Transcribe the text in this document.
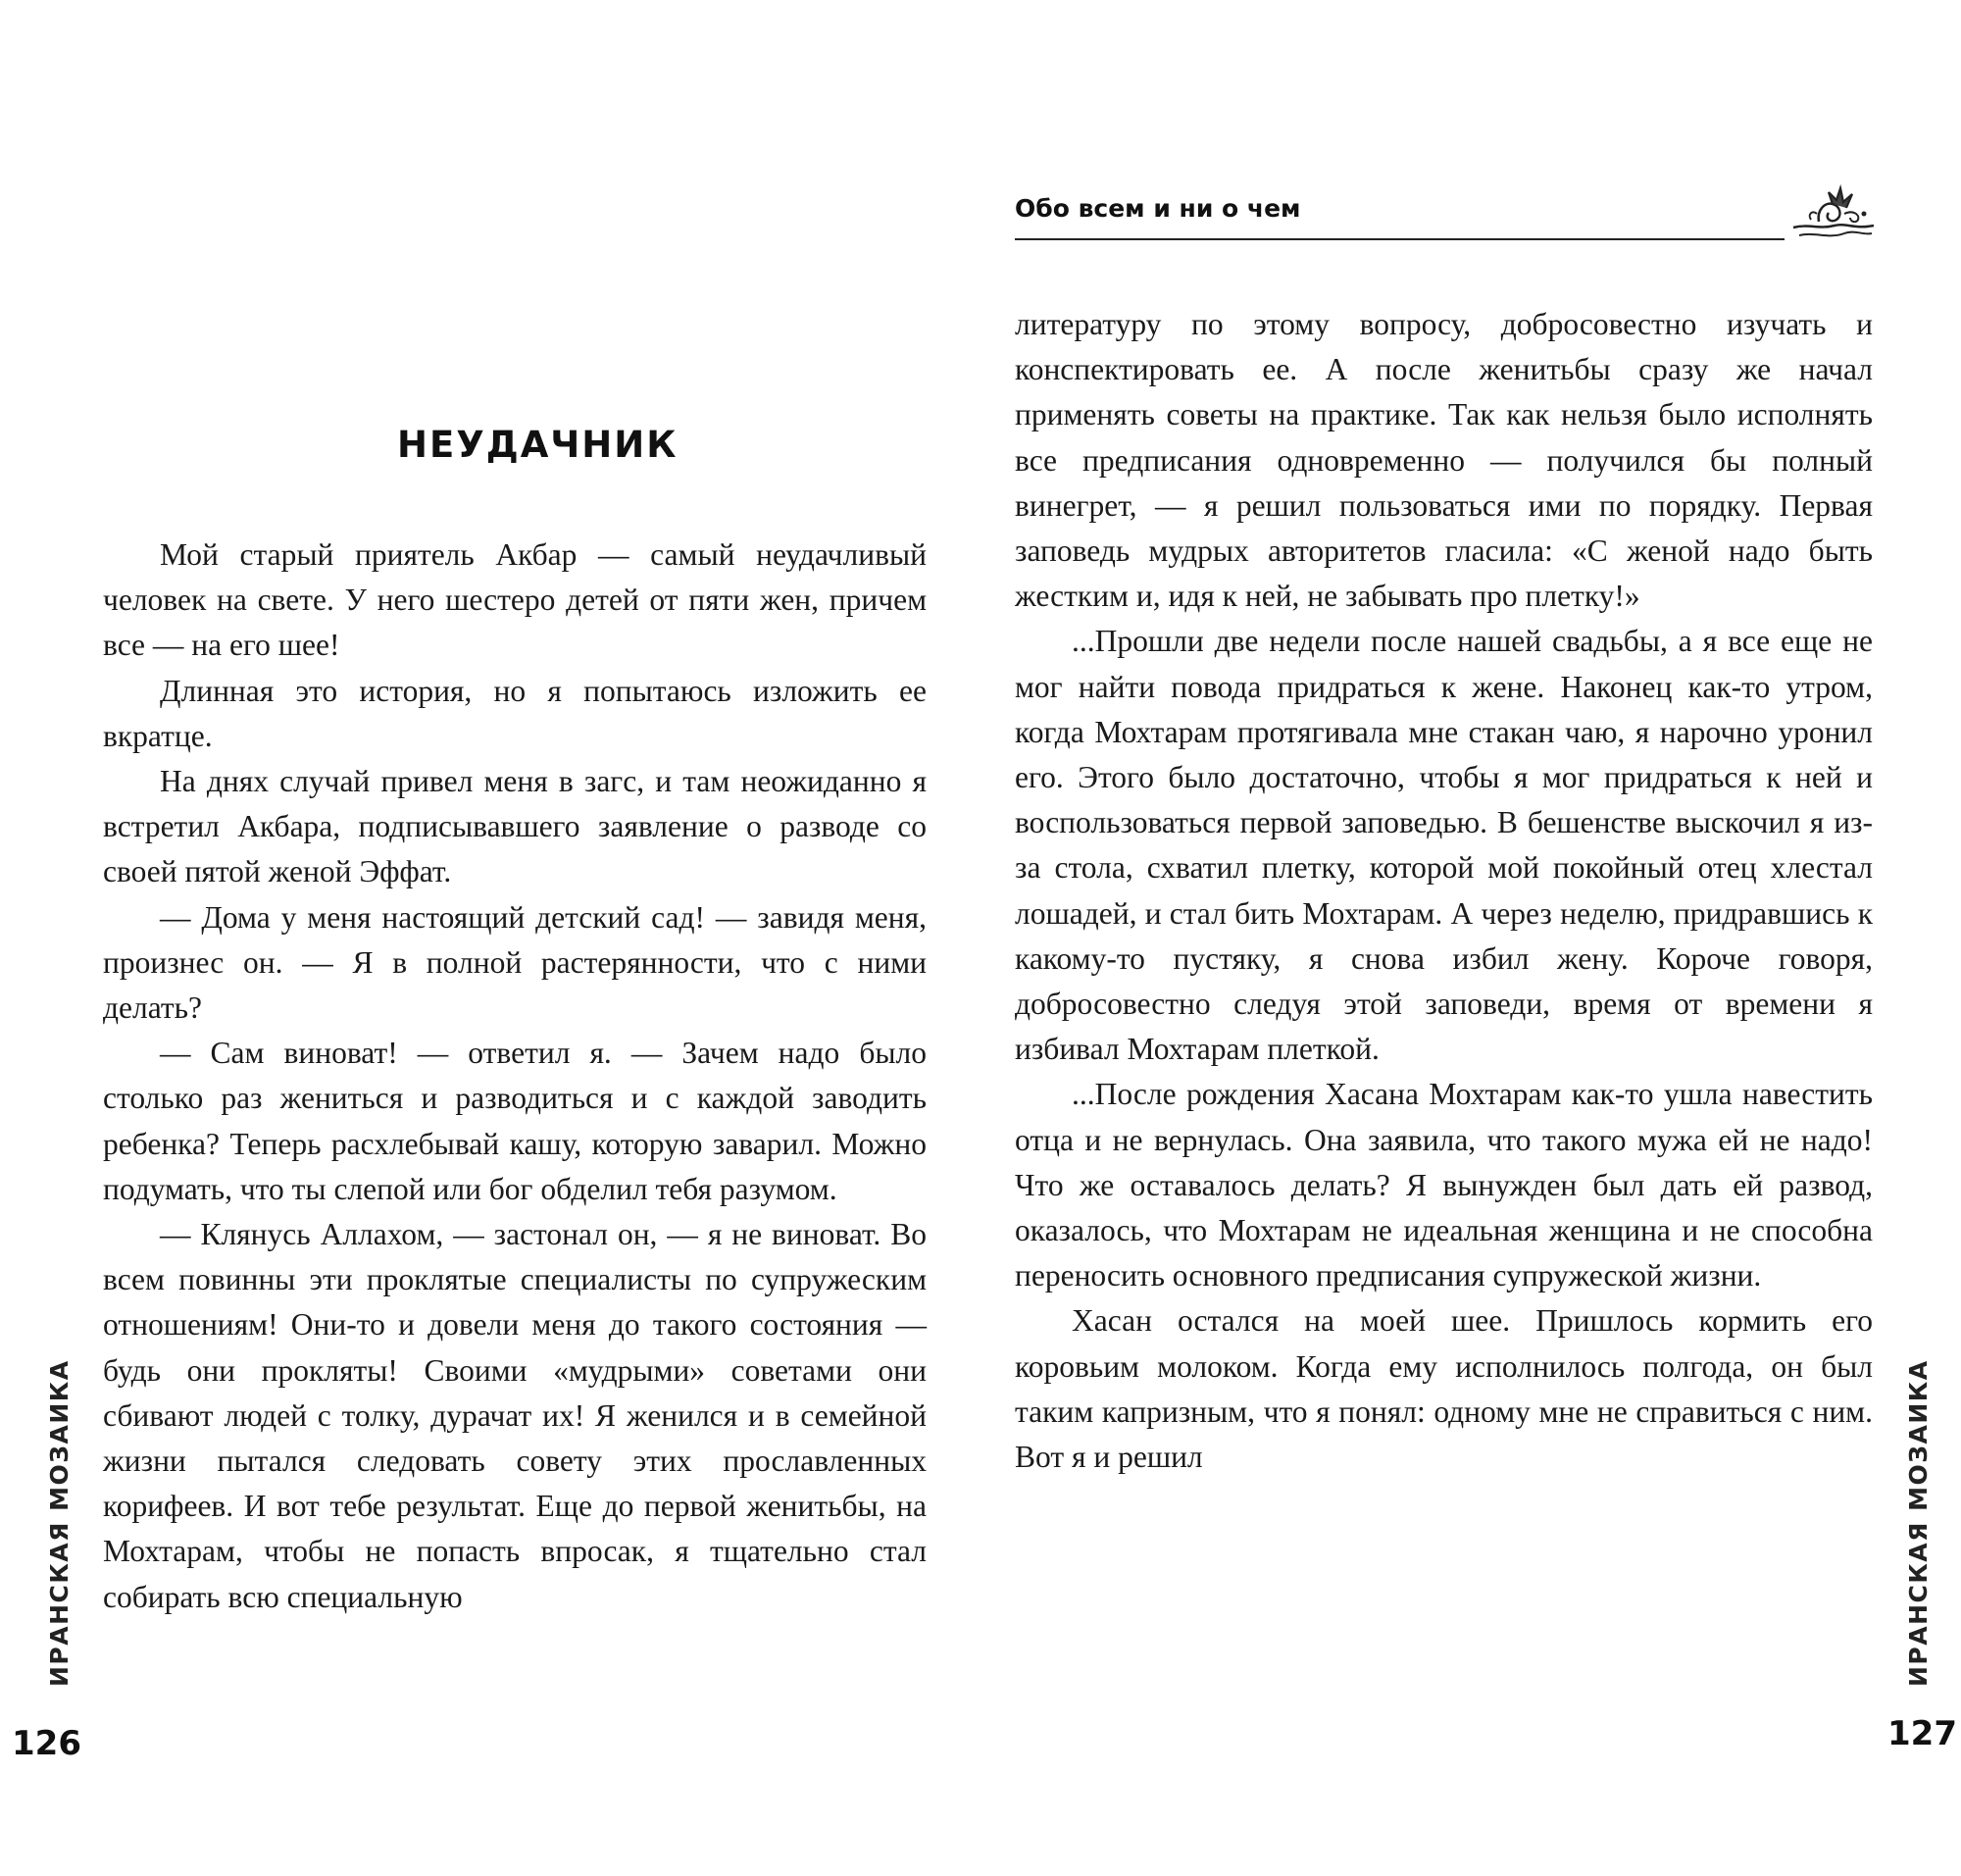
НЕУДАЧНИК

Мой старый приятель Акбар — самый неудачливый человек на свете. У него шестеро детей от пяти жен, причем все — на его шее!

Длинная это история, но я попытаюсь изложить ее вкратце.

На днях случай привел меня в загс, и там неожиданно я встретил Акбара, подписывавшего заявление о разводе со своей пятой женой Эффат.

— Дома у меня настоящий детский сад! — завидя меня, произнес он. — Я в полной растерянности, что с ними делать?

— Сам виноват! — ответил я. — Зачем надо было столько раз жениться и разводиться и с каждой заводить ребенка? Теперь расхлебывай кашу, которую заварил. Можно подумать, что ты слепой или бог обделил тебя разумом.

— Клянусь Аллахом, — застонал он, — я не виноват. Во всем повинны эти проклятые специалисты по супружеским отношениям! Они-то и довели меня до такого состояния — будь они прокляты! Своими «мудрыми» советами они сбивают людей с толку, дурачат их! Я женился и в семейной жизни пытался следовать совету этих прославленных корифеев. И вот тебе результат. Еще до первой женитьбы, на Мохтарам, чтобы не попасть впросак, я тщательно стал собирать всю специальную

ИРАНСКАЯ МОЗАИКА
126
Обо всем и ни о чем

литературу по этому вопросу, добросовестно изучать и конспектировать ее. А после женитьбы сразу же начал применять советы на практике. Так как нельзя было исполнять все предписания одновременно — получился бы полный винегрет, — я решил пользоваться ими по порядку. Первая заповедь мудрых авторитетов гласила: «С женой надо быть жестким и, идя к ней, не забывать про плетку!»

...Прошли две недели после нашей свадьбы, а я все еще не мог найти повода придраться к жене. Наконец как-то утром, когда Мохтарам протягивала мне стакан чаю, я нарочно уронил его. Этого было достаточно, чтобы я мог придраться к ней и воспользоваться первой заповедью. В бешенстве выскочил я из-за стола, схватил плетку, которой мой покойный отец хлестал лошадей, и стал бить Мохтарам. А через неделю, придравшись к какому-то пустяку, я снова избил жену. Короче говоря, добросовестно следуя этой заповеди, время от времени я избивал Мохтарам плеткой.

...После рождения Хасана Мохтарам как-то ушла навестить отца и не вернулась. Она заявила, что такого мужа ей не надо! Что же оставалось делать? Я вынужден был дать ей развод, оказалось, что Мохтарам не идеальная женщина и не способна переносить основного предписания супружеской жизни.

Хасан остался на моей шее. Пришлось кормить его коровьим молоком. Когда ему исполнилось полгода, он был таким капризным, что я понял: одному мне не справиться с ним. Вот я и решил	ИРАНСКАЯ МОЗАИКА
127
